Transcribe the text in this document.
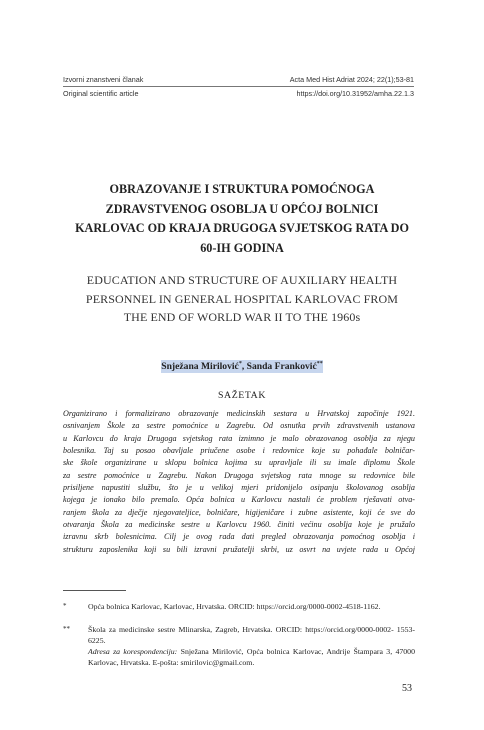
Izvorni znanstveni članak	Acta Med Hist Adriat 2024; 22(1);53-81
Original scientific article	https://doi.org/10.31952/amha.22.1.3
OBRAZOVANJE I STRUKTURA POMOĆNOGA
ZDRAVSTVENOG OSOBLJA U OPĆOJ BOLNICI
KARLOVAC OD KRAJA DRUGOGA SVJETSKOG RATA DO
60-IH GODINA
EDUCATION AND STRUCTURE OF AUXILIARY HEALTH
PERSONNEL IN GENERAL HOSPITAL KARLOVAC FROM
THE END OF WORLD WAR II TO THE 1960s
Snježana Mirilović*, Sanda Franković**
SAŽETAK
Organizirano i formalizirano obrazovanje medicinskih sestara u Hrvatskoj započinje 1921.
osnivanjem Škole za sestre pomoćnice u Zagrebu. Od osnutka prvih zdravstvenih ustanova
u Karlovcu do kraja Drugoga svjetskog rata iznimno je malo obrazovanog osoblja za njegu
bolesnika. Taj su posao obavljale priučene osobe i redovnice koje su pohađale bolničar-
ske škole organizirane u sklopu bolnica kojima su upravljale ili su imale diplomu Škole
za sestre pomoćnice u Zagrebu. Nakon Drugoga svjetskog rata mnoge su redovnice bile
prisiljene napustiti službu, što je u velikoj mjeri pridonijelo osipanju školovanog osoblja
kojega je ionako bilo premalo. Opća bolnica u Karlovcu nastali će problem rješavati otva-
ranjem škola za dječje njegovateljice, bolničare, higijeničare i zubne asistente, koji će sve do
otvaranja Škola za medicinske sestre u Karlovcu 1960. činiti većinu osoblja koje je pružalo
izravnu skrb bolesnicima. Cilj je ovog rada dati pregled obrazovanja pomoćnog osoblja i
strukturu zaposlenika koji su bili izravni pružatelji skrbi, uz osvrt na uvjete rada u Općoj
*	Opća bolnica Karlovac, Karlovac, Hrvatska. ORCID: https://orcid.org/0000-0002-4518-1162.
**	Škola za medicinske sestre Mlinarska, Zagreb, Hrvatska. ORCID: https://orcid.org/0000-0002- 1553-6225.
Adresa za korespondenciju: Snježana Mirilović, Opća bolnica Karlovac, Andrije Štampara 3, 47000 Karlovac, Hrvatska. E-pošta: smirilovic@gmail.com.
53
